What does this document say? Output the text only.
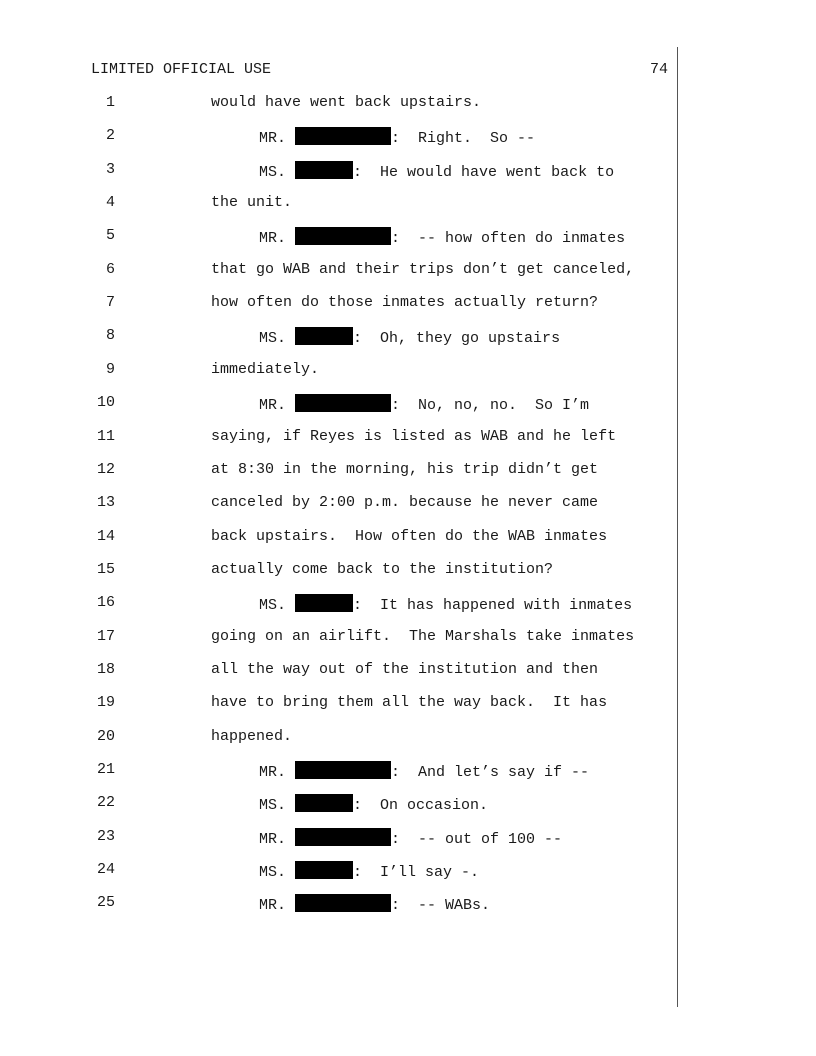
LIMITED OFFICIAL USE	74
1	would have went back upstairs.
2	MR.	:  Right.  So --
3	MS.	:  He would have went back to
4	the unit.
5	MR.	:  -- how often do inmates
6	that go WAB and their trips don’t get canceled,
7	how often do those inmates actually return?
8	MS.	:  Oh, they go upstairs
9	immediately.
10	MR.	:  No, no, no.  So I’m
11	saying, if Reyes is listed as WAB and he left
12	at 8:30 in the morning, his trip didn’t get
13	canceled by 2:00 p.m. because he never came
14	back upstairs.  How often do the WAB inmates
15	actually come back to the institution?
16	MS.	:  It has happened with inmates
17	going on an airlift.  The Marshals take inmates
18	all the way out of the institution and then
19	have to bring them all the way back.  It has
20	happened.
21	MR.	:  And let’s say if --
22	MS.	:  On occasion.
23	MR.	:  -- out of 100 --
24	MS.	:  I’ll say -.
25	MR.	:  -- WABs.
